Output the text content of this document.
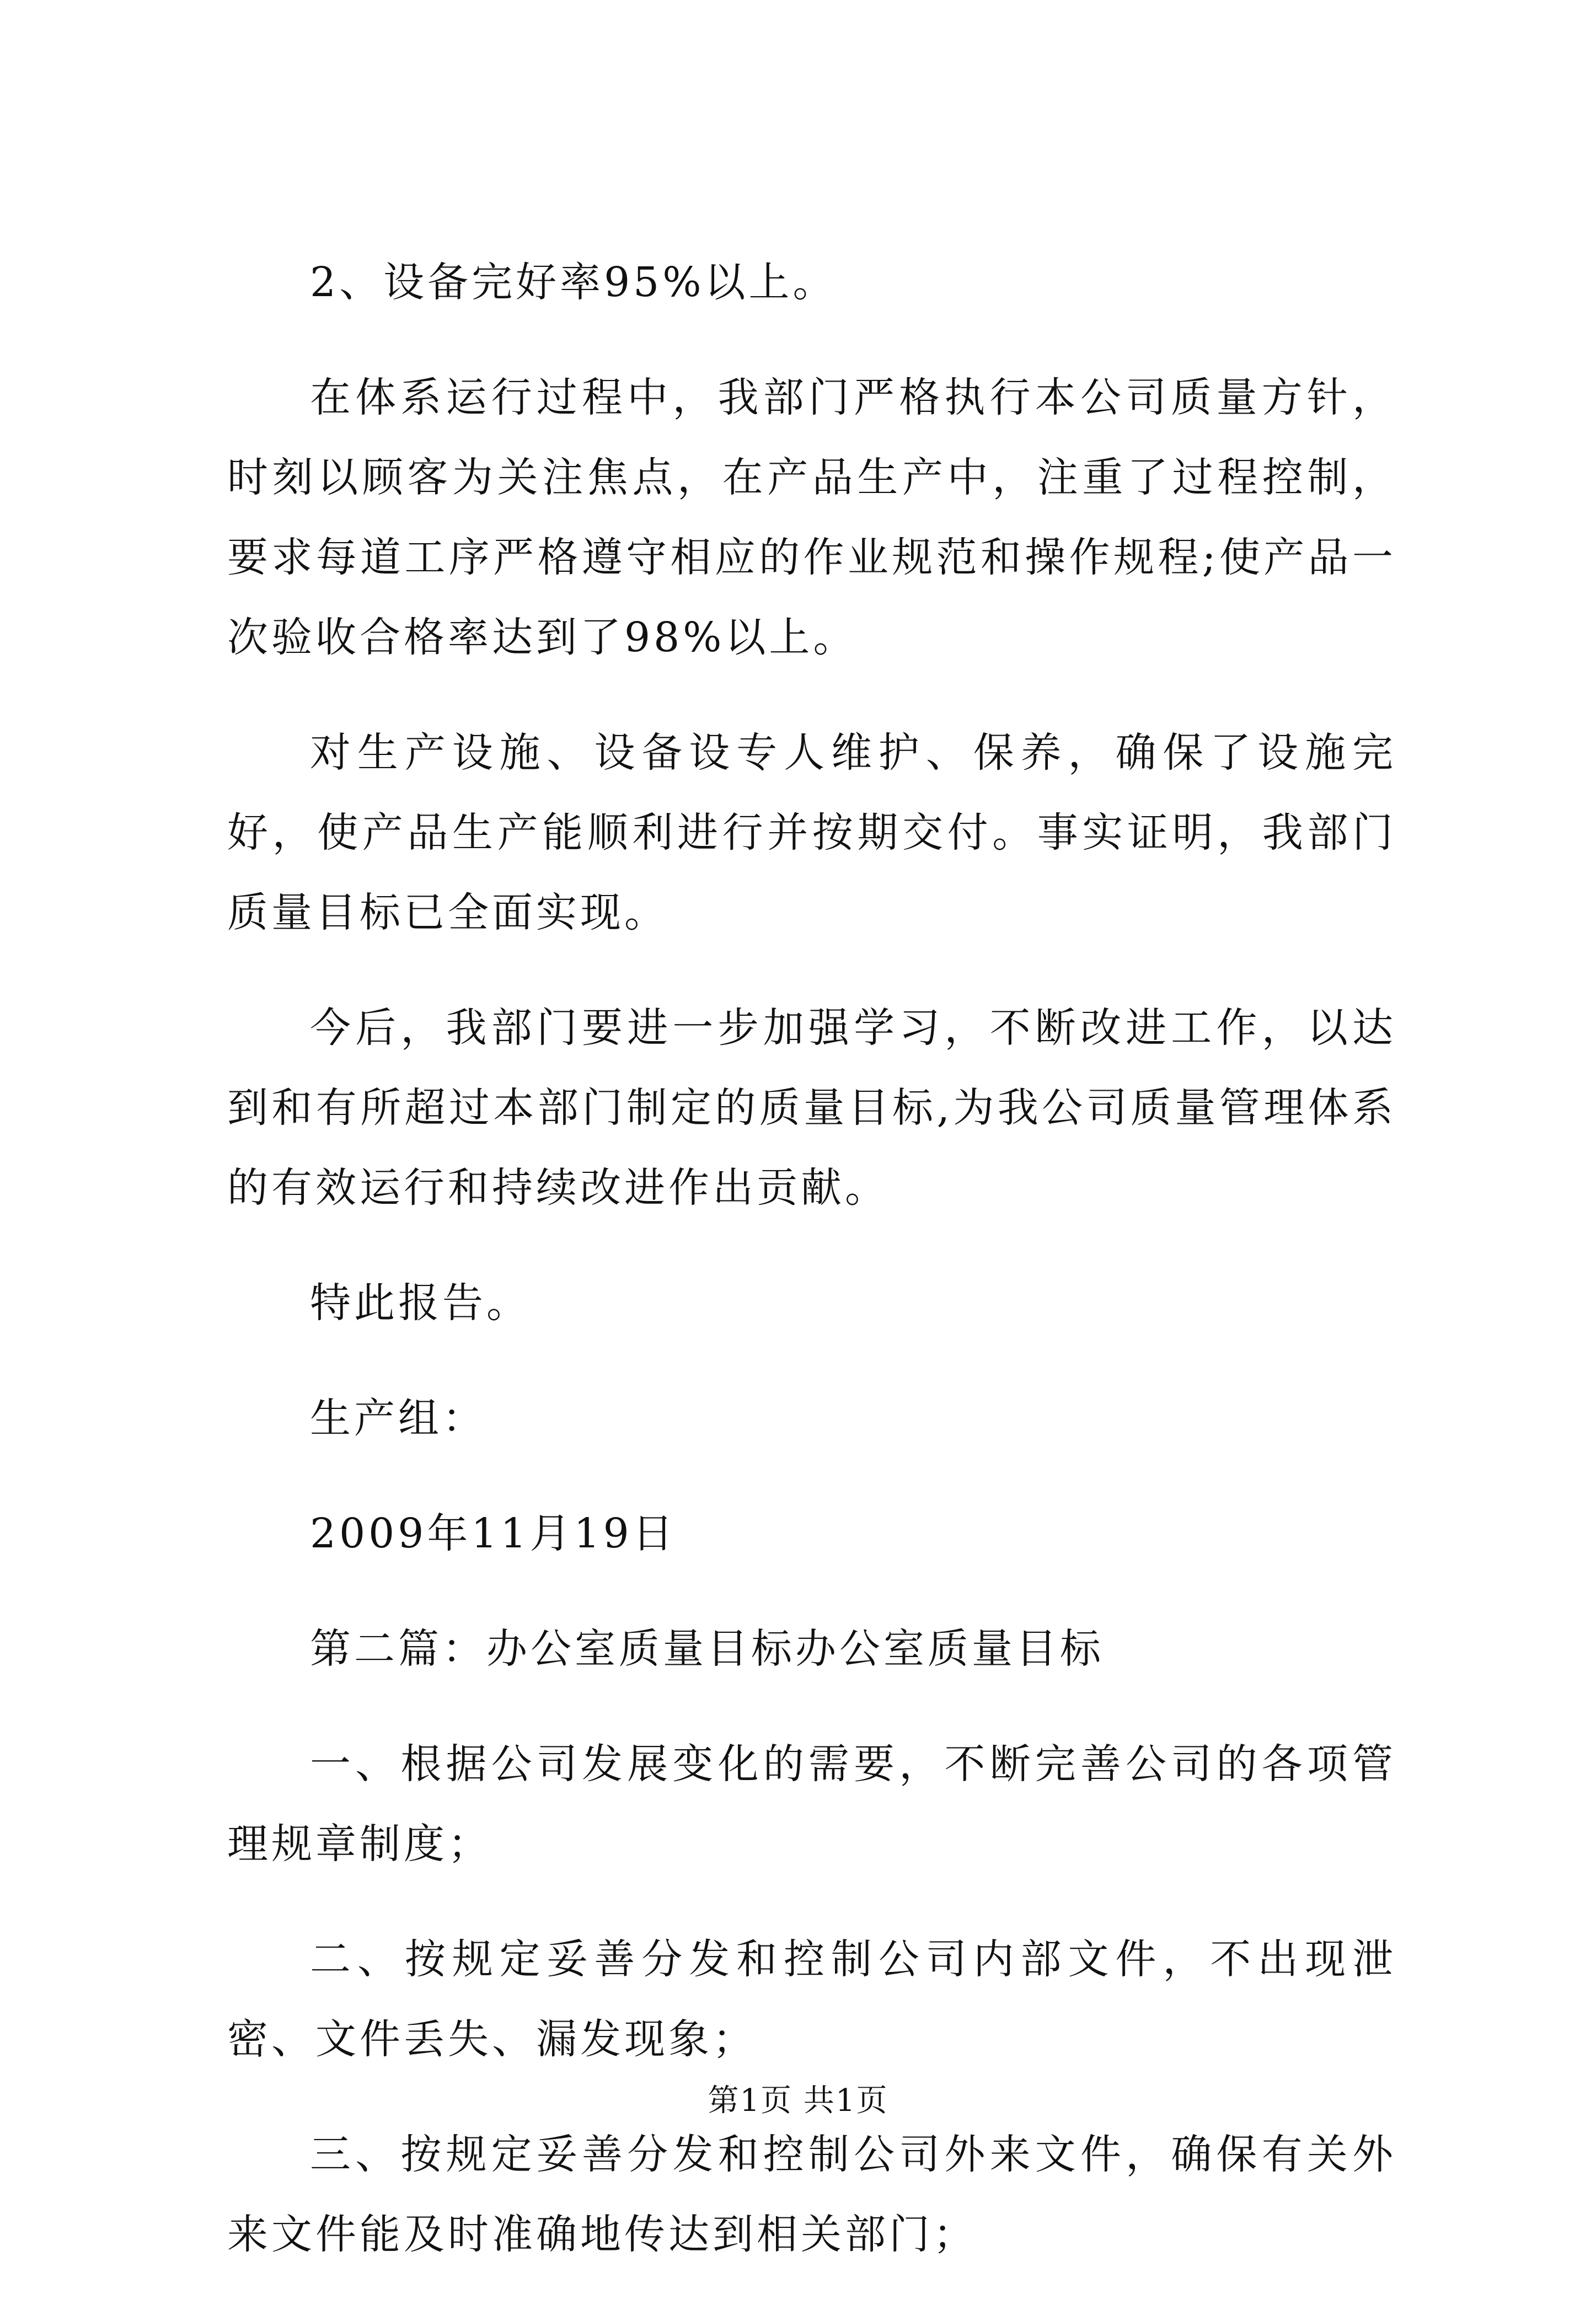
2、设备完好率95%以上。

在体系运行过程中，我部门严格执行本公司质量方针，时刻以顾客为关注焦点，在产品生产中，注重了过程控制，要求每道工序严格遵守相应的作业规范和操作规程;使产品一次验收合格率达到了98%以上。

对生产设施、设备设专人维护、保养，确保了设施完好，使产品生产能顺利进行并按期交付。事实证明，我部门质量目标已全面实现。

今后，我部门要进一步加强学习，不断改进工作，以达到和有所超过本部门制定的质量目标,为我公司质量管理体系的有效运行和持续改进作出贡献。

特此报告。

生产组：

2009年11月19日

第二篇：办公室质量目标办公室质量目标

一、根据公司发展变化的需要，不断完善公司的各项管理规章制度；

二、按规定妥善分发和控制公司内部文件，不出现泄密、文件丢失、漏发现象；

三、按规定妥善分发和控制公司外来文件，确保有关外来文件能及时准确地传达到相关部门；

第1页 共1页
